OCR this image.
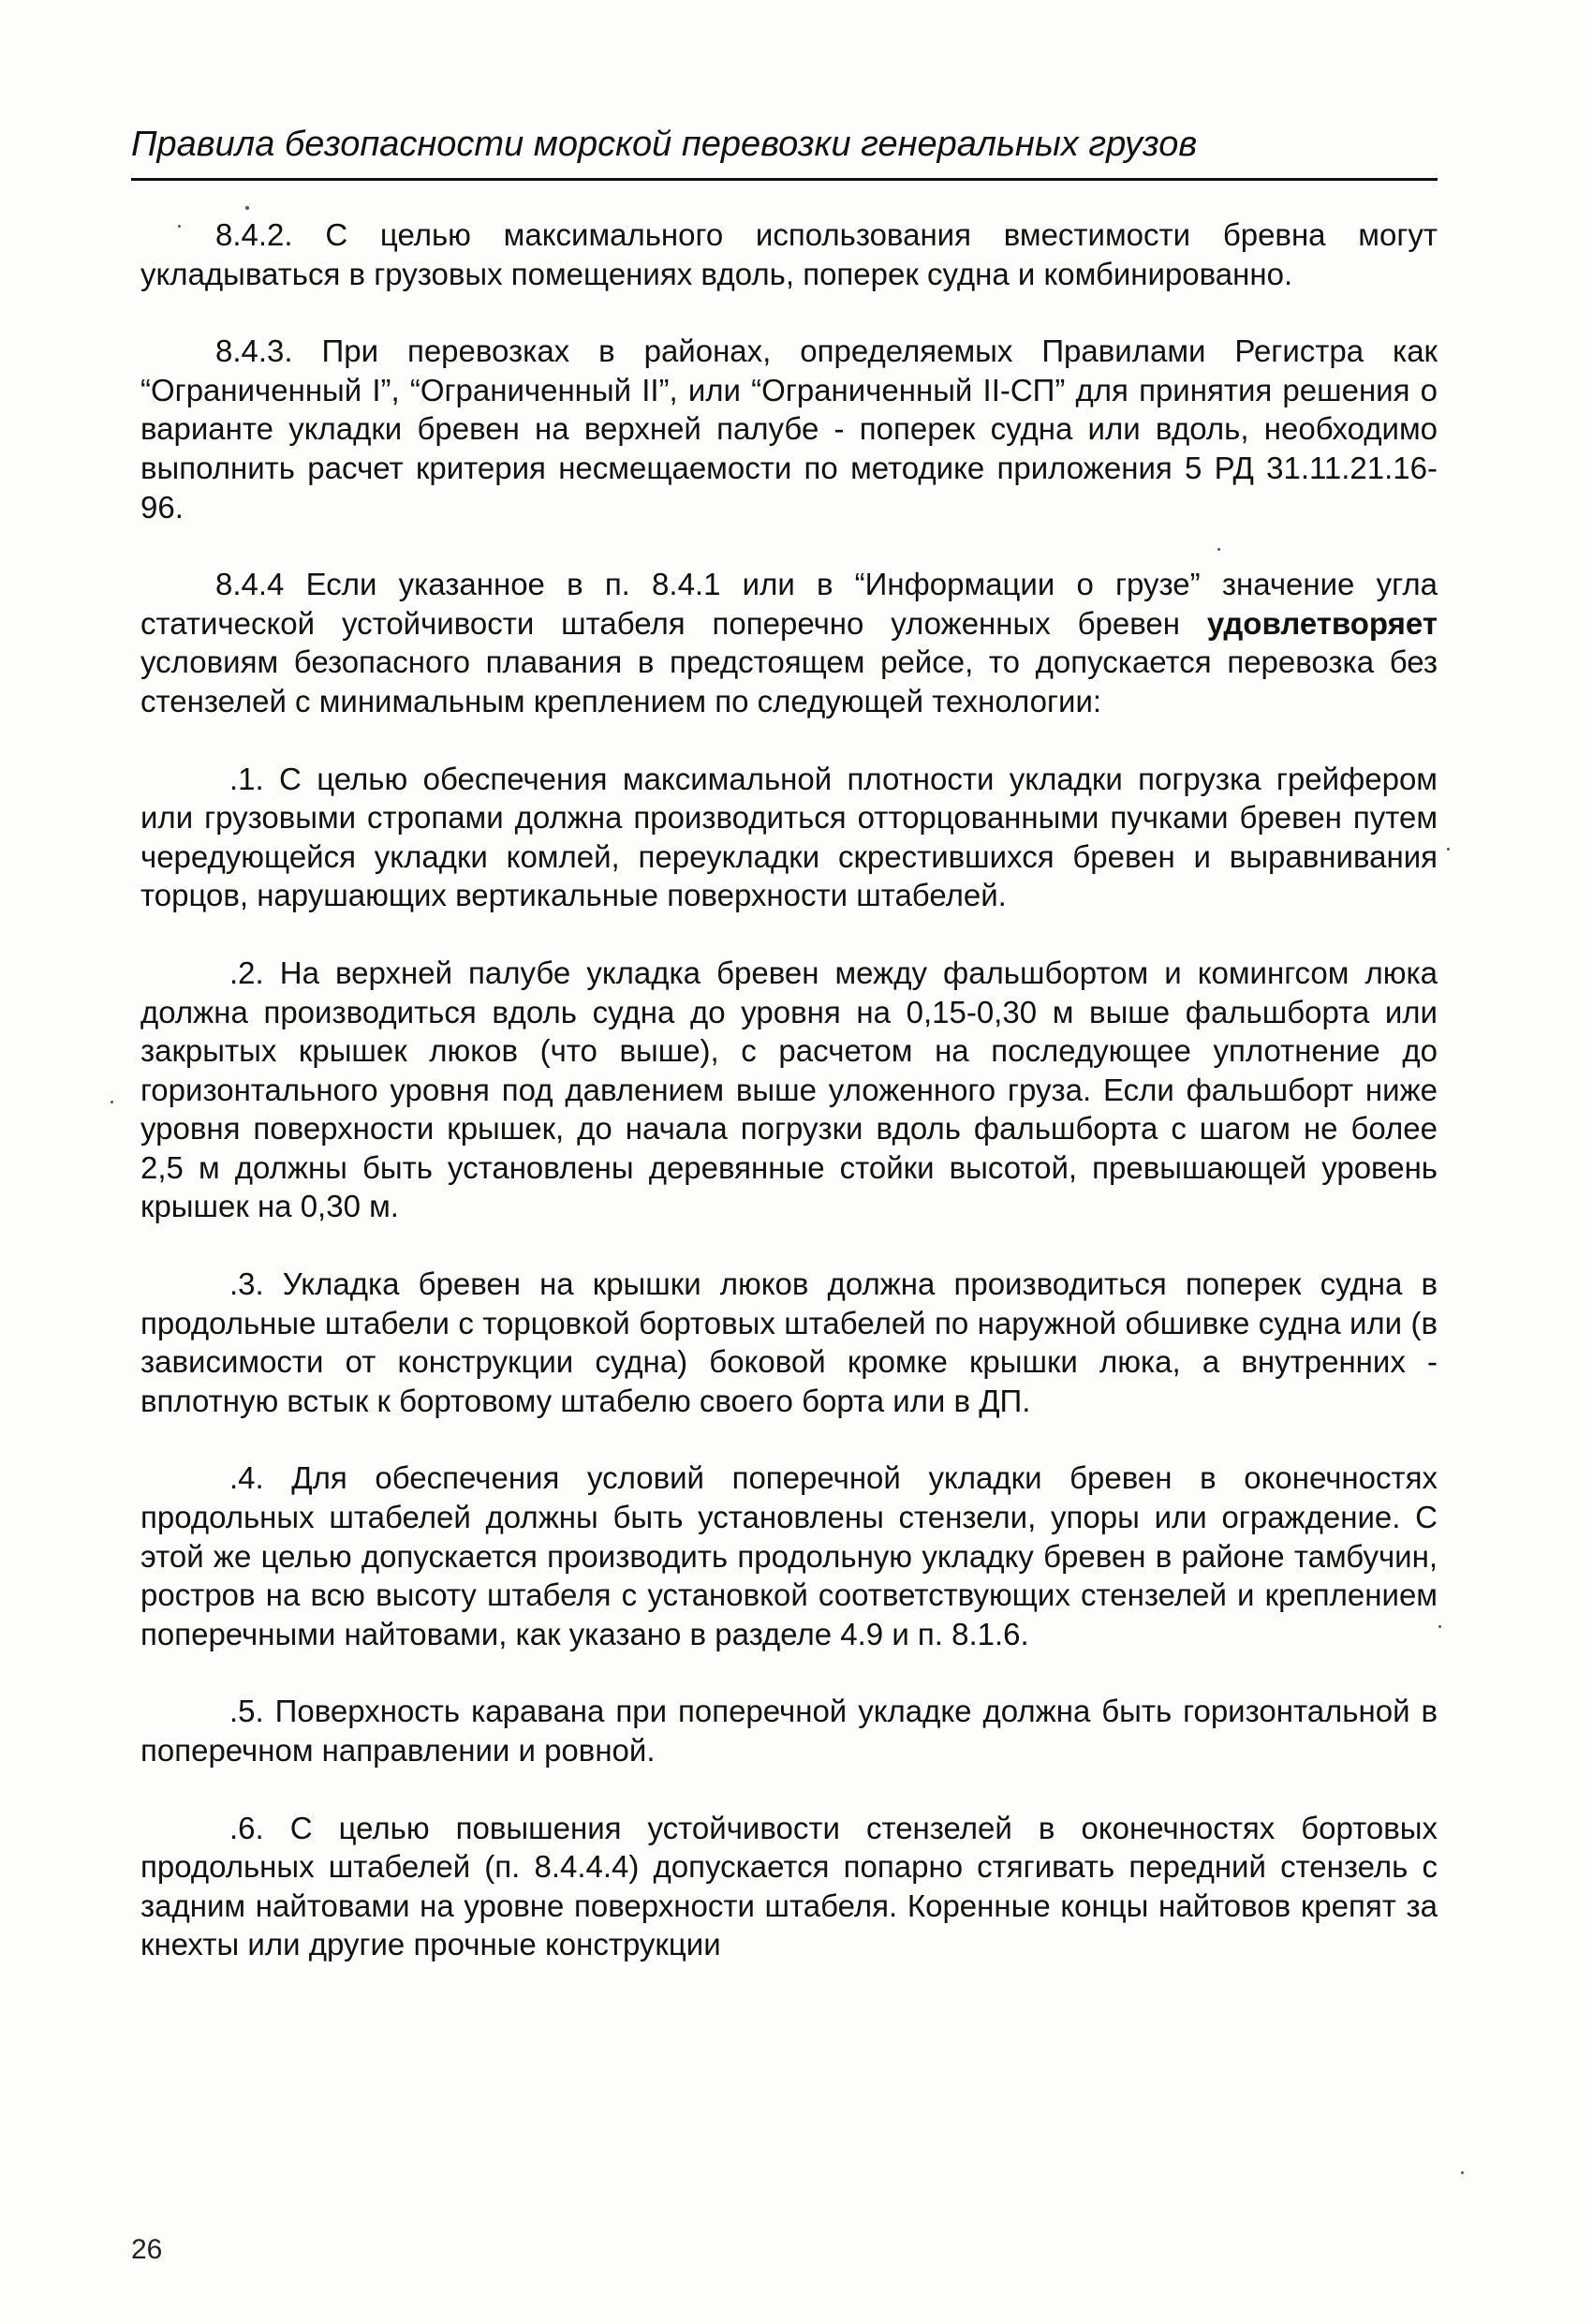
Правила безопасности морской перевозки генеральных грузов

8.4.2. С целью максимального использования вместимости бревна могут укладываться в грузовых помещениях вдоль, поперек судна и комбинированно.

8.4.3. При перевозках в районах, определяемых Правилами Регистра как “Ограниченный I”, “Ограниченный II”, или “Ограниченный II-СП” для принятия решения о варианте укладки бревен на верхней палубе - поперек судна или вдоль, необходимо выполнить расчет критерия несмещаемости по методике приложения 5 РД 31.11.21.16-96.

8.4.4 Если указанное в п. 8.4.1 или в “Информации о грузе” значение угла статической устойчивости штабеля поперечно уложенных бревен удовлетворяет условиям безопасного плавания в предстоящем рейсе, то допускается перевозка без стензелей с минимальным креплением по следующей технологии:

.1. С целью обеспечения максимальной плотности укладки погрузка грейфером или грузовыми стропами должна производиться отторцованными пучками бревен путем чередующейся укладки комлей, переукладки скрестившихся бревен и выравнивания торцов, нарушающих вертикальные поверхности штабелей.

.2. На верхней палубе укладка бревен между фальшбортом и комингсом люка должна производиться вдоль судна до уровня на 0,15-0,30 м выше фальшборта или закрытых крышек люков (что выше), с расчетом на последующее уплотнение до горизонтального уровня под давлением выше уложенного груза. Если фальшборт ниже уровня поверхности крышек, до начала погрузки вдоль фальшборта с шагом не более 2,5 м должны быть установлены деревянные стойки высотой, превышающей уровень крышек на 0,30 м.

.3. Укладка бревен на крышки люков должна производиться поперек судна в продольные штабели с торцовкой бортовых штабелей по наружной обшивке судна или (в зависимости от конструкции судна) боковой кромке крышки люка, а внутренних - вплотную встык к бортовому штабелю своего борта или в ДП.

.4. Для обеспечения условий поперечной укладки бревен в оконечностях продольных штабелей должны быть установлены стензели, упоры или ограждение. С этой же целью допускается производить продольную укладку бревен в районе тамбучин, ростров на всю высоту штабеля с установкой соответствующих стензелей и креплением поперечными найтовами, как указано в разделе 4.9 и п. 8.1.6.

.5. Поверхность каравана при поперечной укладке должна быть горизонтальной в поперечном направлении и ровной.

.6. С целью повышения устойчивости стензелей в оконечностях бортовых продольных штабелей (п. 8.4.4.4) допускается попарно стягивать передний стензель с задним найтовами на уровне поверхности штабеля. Коренные концы найтовов крепят за кнехты или другие прочные конструкции

26
